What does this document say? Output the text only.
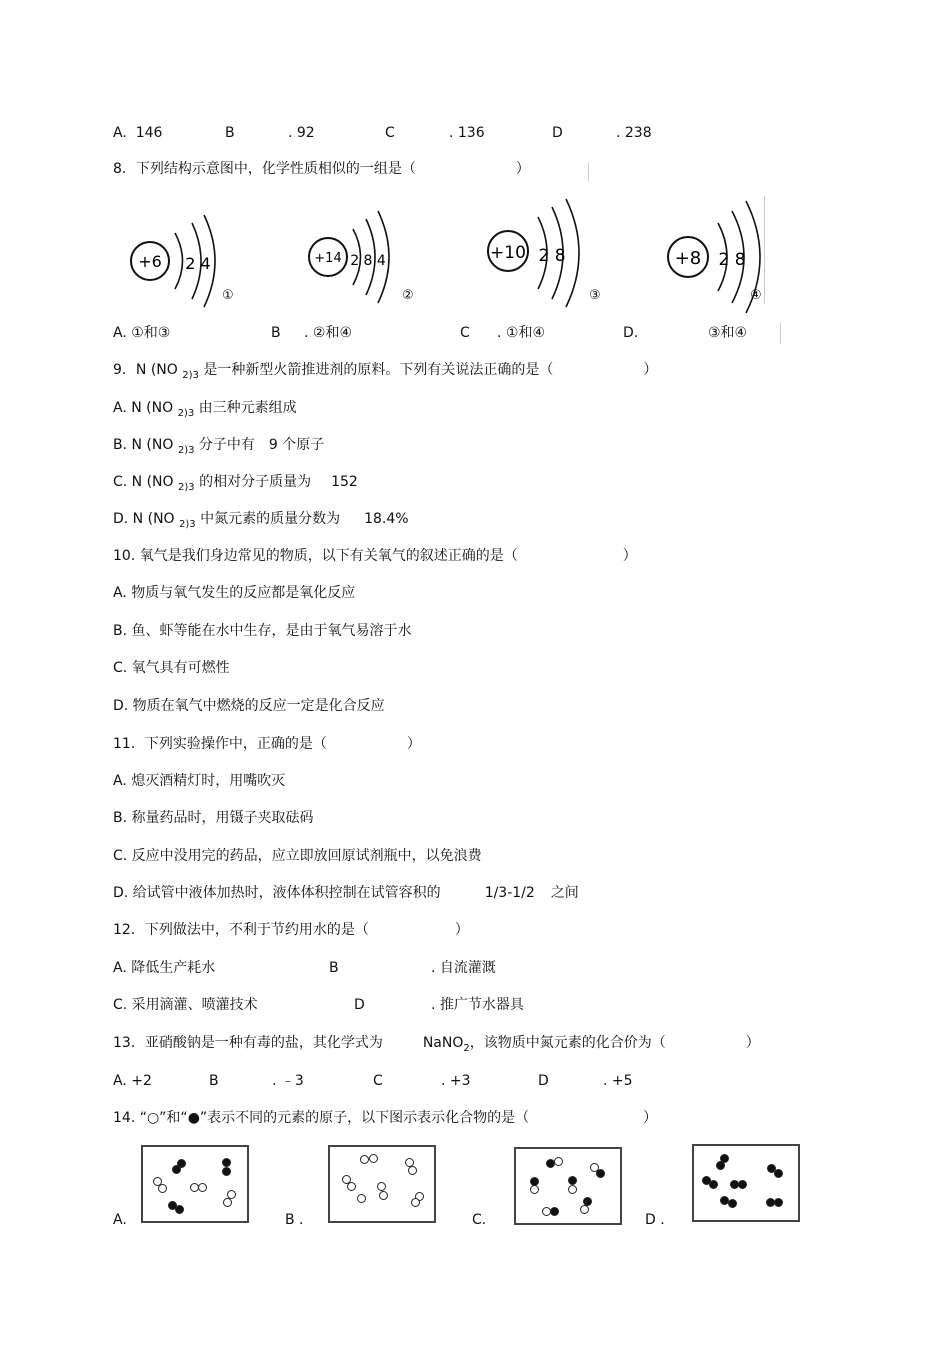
A. 146	B	. 92	C	. 136	D	. 238
8．下列结构示意图中，化学性质相似的一组是（	）
+6 2 4	+14 2 8 4	+10 2 8	+8 2 8
①	②	③	④
A. ①和③	B . ②和④	C . ①和④	D.	③和④
9．N (NO $_{2)3}$ 是一种新型火箭推进剂的原料。下列有关说法正确的是（	）
A. N (NO $_{2)3}$ 由三种元素组成
B. N (NO $_{2)3}$ 分子中有　9 个原子
C. N (NO $_{2)3}$ 的相对分子质量为 152
D. N (NO $_{2)3}$ 中氮元素的质量分数为 18.4%
10. 氧气是我们身边常见的物质，以下有关氧气的叙述正确的是（	）
A. 物质与氧气发生的反应都是氧化反应
B. 鱼、虾等能在水中生存，是由于氧气易溶于水
C. 氧气具有可燃性
D. 物质在氧气中燃烧的反应一定是化合反应
11．下列实验操作中，正确的是（	）
A. 熄灭酒精灯时，用嘴吹灭
B. 称量药品时，用镊子夹取砝码
C. 反应中没用完的药品，应立即放回原试剂瓶中，以免浪费
D. 给试管中液体加热时，液体体积控制在试管容积的	1/3-1/2 之间
12．下列做法中，不利于节约用水的是（	）
A. 降低生产耗水	B	. 自流灌溉
C. 采用滴灌、喷灌技术	D	. 推广节水器具
13．亚硝酸钠是一种有毒的盐，其化学式为	NaNO$_2$，该物质中氮元素的化合价为（	）
A. +2	B	. ﹣3	C	. +3	D	. +5
14. “○”和“●”表示不同的元素的原子，以下图示表示化合物的是（	）
A.	B .	C.	D .
